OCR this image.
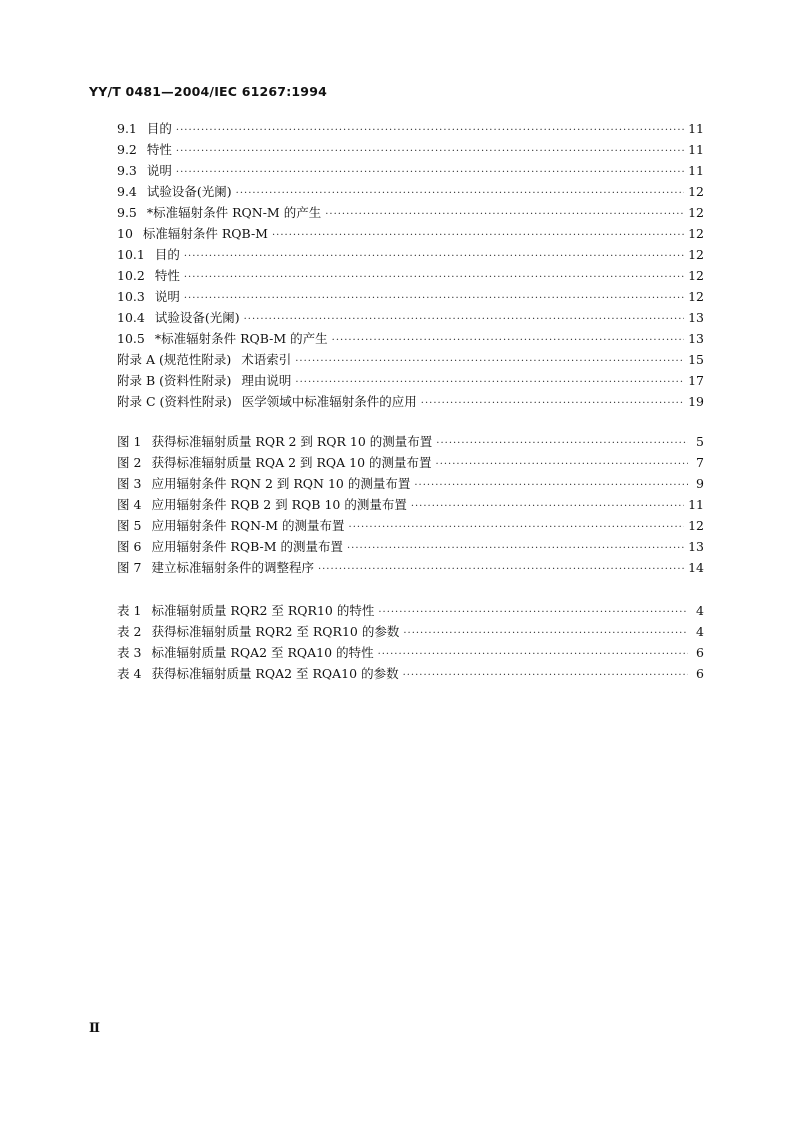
YY/T 0481—2004/IEC 61267:1994
9.1 目的 ·····	11
9.2 特性 ·····	11
9.3 说明 ·····	11
9.4 试验设备(光阑) ·····	12
9.5 *标准辐射条件 RQN-M 的产生 ·····	12
10 标准辐射条件 RQB-M ·····	12
10.1 目的 ·····	12
10.2 特性 ·····	12
10.3 说明 ·····	12
10.4 试验设备(光阑) ·····	13
10.5 *标准辐射条件 RQB-M 的产生 ·····	13
附录 A (规范性附录) 术语索引 ·····	15
附录 B (资料性附录) 理由说明 ·····	17
附录 C (资料性附录) 医学领域中标准辐射条件的应用 ·····	19
图 1 获得标准辐射质量 RQR 2 到 RQR 10 的测量布置 ·····	5
图 2 获得标准辐射质量 RQA 2 到 RQA 10 的测量布置 ·····	7
图 3 应用辐射条件 RQN 2 到 RQN 10 的测量布置 ·····	9
图 4 应用辐射条件 RQB 2 到 RQB 10 的测量布置 ·····	11
图 5 应用辐射条件 RQN-M 的测量布置 ·····	12
图 6 应用辐射条件 RQB-M 的测量布置 ·····	13
图 7 建立标准辐射条件的调整程序 ·····	14
表 1 标准辐射质量 RQR2 至 RQR10 的特性 ·····	4
表 2 获得标准辐射质量 RQR2 至 RQR10 的参数 ·····	4
表 3 标准辐射质量 RQA2 至 RQA10 的特性 ·····	6
表 4 获得标准辐射质量 RQA2 至 RQA10 的参数 ·····	6
Ⅱ
